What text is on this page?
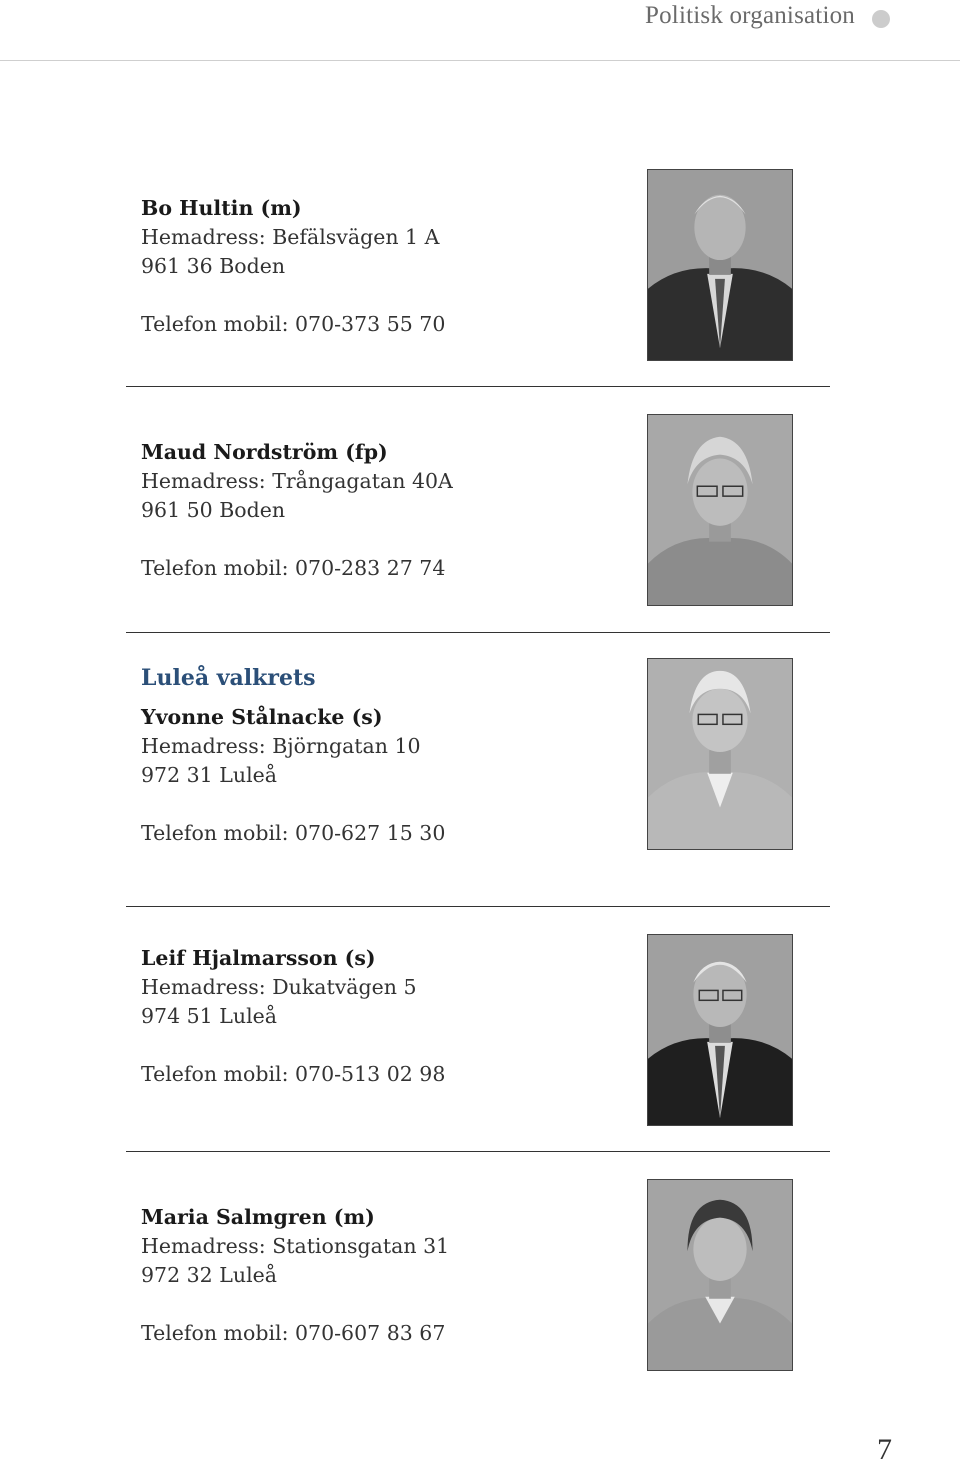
Politisk organisation
Bo Hultin (m)
Hemadress: Befälsvägen 1 A
961 36 Boden
Telefon mobil: 070-373 55 70
Maud Nordström (fp)
Hemadress: Trångagatan 40A
961 50 Boden
Telefon mobil: 070-283 27 74
Luleå valkrets
Yvonne Stålnacke (s)
Hemadress: Björngatan 10
972 31 Luleå
Telefon mobil: 070-627 15 30
Leif Hjalmarsson (s)
Hemadress: Dukatvägen 5
974 51 Luleå
Telefon mobil: 070-513 02 98
Maria Salmgren (m)
Hemadress: Stationsgatan 31
972 32 Luleå
Telefon mobil: 070-607 83 67
7
